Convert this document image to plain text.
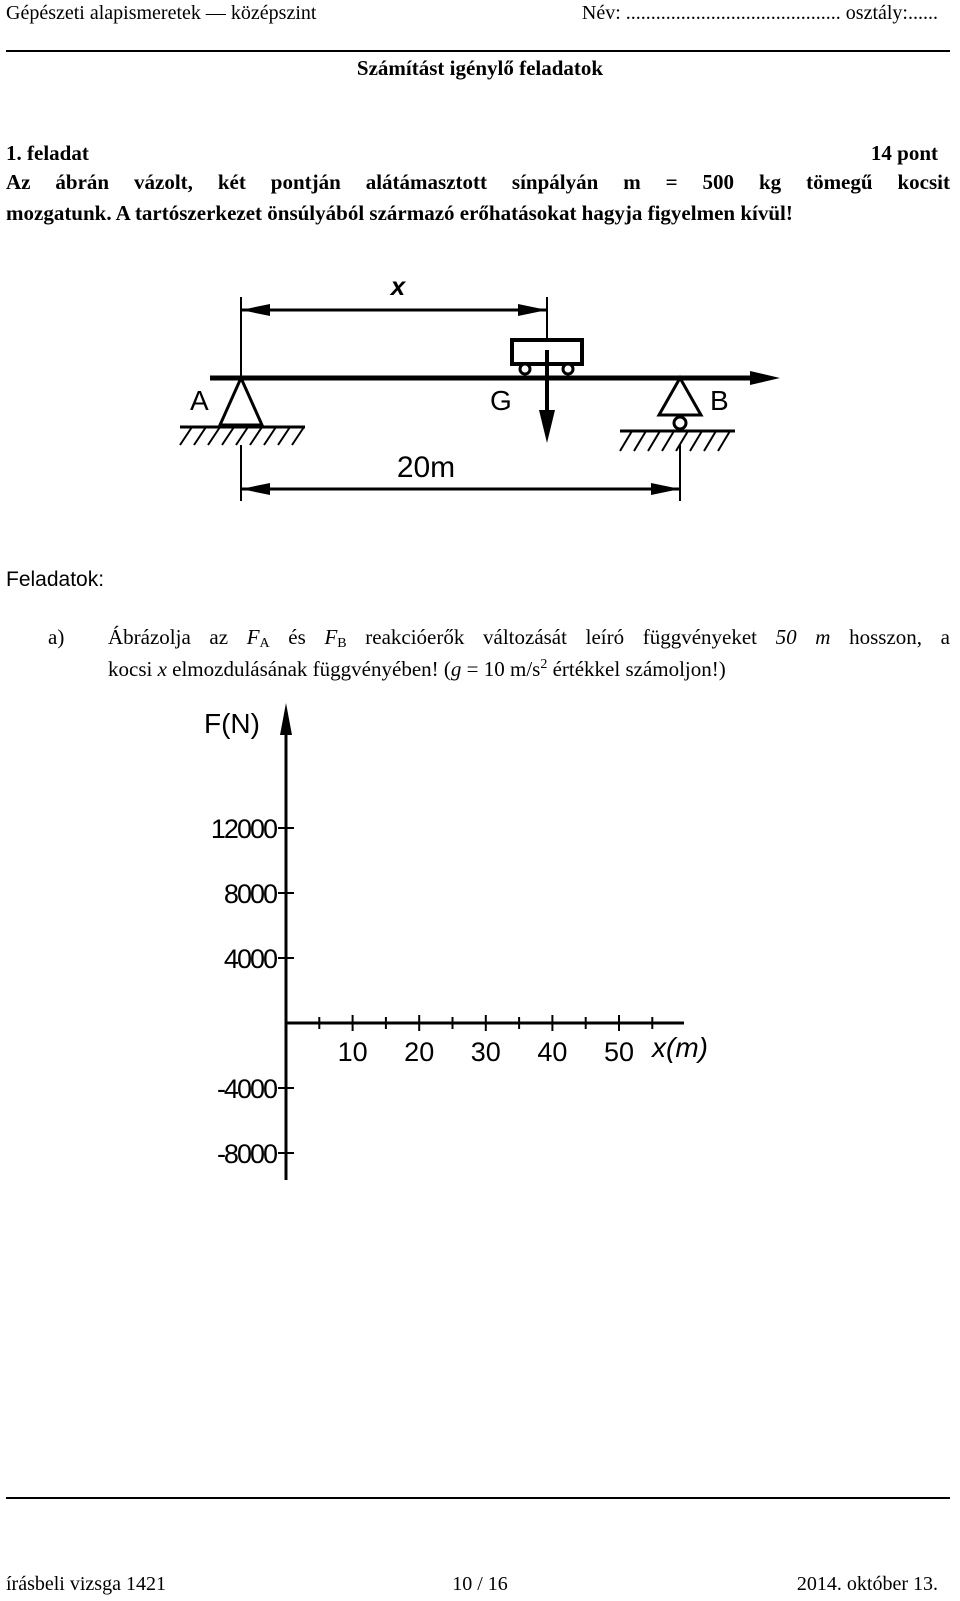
Gépészeti alapismeretek — középszint	Név: ........................................... osztály:......
Számítást igénylő feladatok
1. feladat	14 pont
Az ábrán vázolt, két pontján alátámasztott sínpályán m = 500 kg tömegű kocsit
mozgatunk. A tartószerkezet önsúlyából származó erőhatásokat hagyja figyelmen kívül!
x
A	G	B
20m
Feladatok:
a) Ábrázolja az $F_A$ és $F_B$ reakcióerők változását leíró függvényeket 50 m hosszon, a
kocsi x elmozdulásának függvényében! (g = 10 $m/s^2$ értékkel számoljon!)
F(N)
x(m)
12000
8000
4000
-4000
-8000
10 20 30 40 50
írásbeli vizsga 1421	10 / 16	2014. október 13.
